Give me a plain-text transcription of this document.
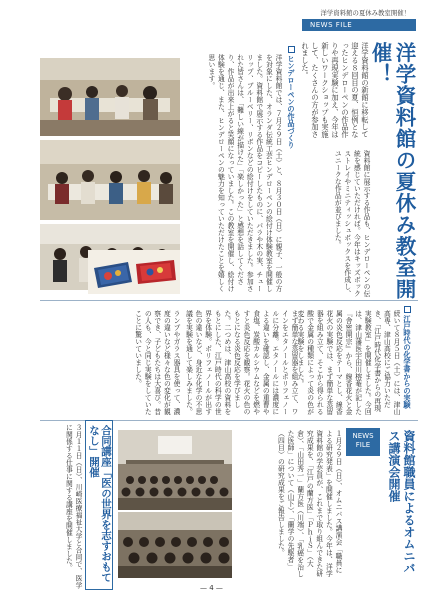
洋学資料館の夏休み教室開催！
NEWS FILE
洋学資料館の夏休み教室開催！
洋学資料館の新館に移転して迎える８回目の夏、恒例となったヒンデローペンの作品作りや再現実験に加え、今年は新しいワークショップも実施して、たくさんの方が参加されました。
ヒンデローペンの作品づくり
洋学資料館では、７月２９日（土）と、８月３０日（日）に親子、一般の方を対象にした、オランダ伝統工芸ヒンデローペンの絵付け体験教室を開催しました。資料館で展示する作品をコピーしたものに、パラや木の実、チューリップ、ブルーベリー、リボンなどの絵付けをしていただきました。参加された皆さんは、「難しい線が描けた」「楽しかった」と感想を話してくださり、作品が出来上がると笑顔になっていました。この教室を開催し、絵付け体験を通じ、また、ヒンデローペンの魅力を知っていただけたことを嬉しく思います。
資料館に展示する作品も、ヒンデローペンの伝統を感じていただければ。今年はキッズボックストレイやミニティッシュボックスを作成し、ユニークな作品が並びました。
江戸時代の化学書からの実験
続いて８月５日（土）には、津山高専、津山高校にご協力いただき、「江戸時代化学書からの再現実験教室」を開催しました。今回は、津山藩医宇田川榕菴が記した『舎密開宗』から、線香花火と金属の炎色反応をテーマとし、線香花火の実験では、まず簡単な蒸留器を組み立て、そこから得られる酸で金属の種類によって炎の色が変わる実験をしました。
まず簡単な蒸留器を組み立て、ワインをエタノールとポリフェノールに分離。エタノールには濃度による違いを確認し、金属の重曹や食塩、炭酸カルシウムなどを燃やすと炎色反応を観察。花火の色のもとになる炎色反応を学びました。二つめは、津山高校の資料をもとにした、江戸時代の科学の世界を体験。ポリフェノールが出す色の違いなど、身近な化学の不思議を実験を通して楽しみました。
ランプやガラス器具を使って、濃度の違いなど様々な色の変化が観察でき、子どもたちは大喜び。昔の人も、今と同じ実験をしていたことに驚いていました。
NEWS
FILE	資料館職員によるオムニバス講演会開催
１月２９日（日）、オムニバス講演会「職員による研究発表」を開催しました。今年は、洋学資料館の学芸員が、これまで取り組んできた研究成果を、「江戸の蘭方医」「ＰｈｉＳ」（大倉）、「山田秀一」蘭方医（川端）、「乳癌を治した医師」について（山下）、「蘭学の先駆者」（四目）の研究成果をご報告しました。
合同講座「医の世界を志すおもてなし」開催
３月１１日（日）、川崎医療福祉大学と合同で、医学に関係する仕事に関する講座を開催しました。
— 4 —
